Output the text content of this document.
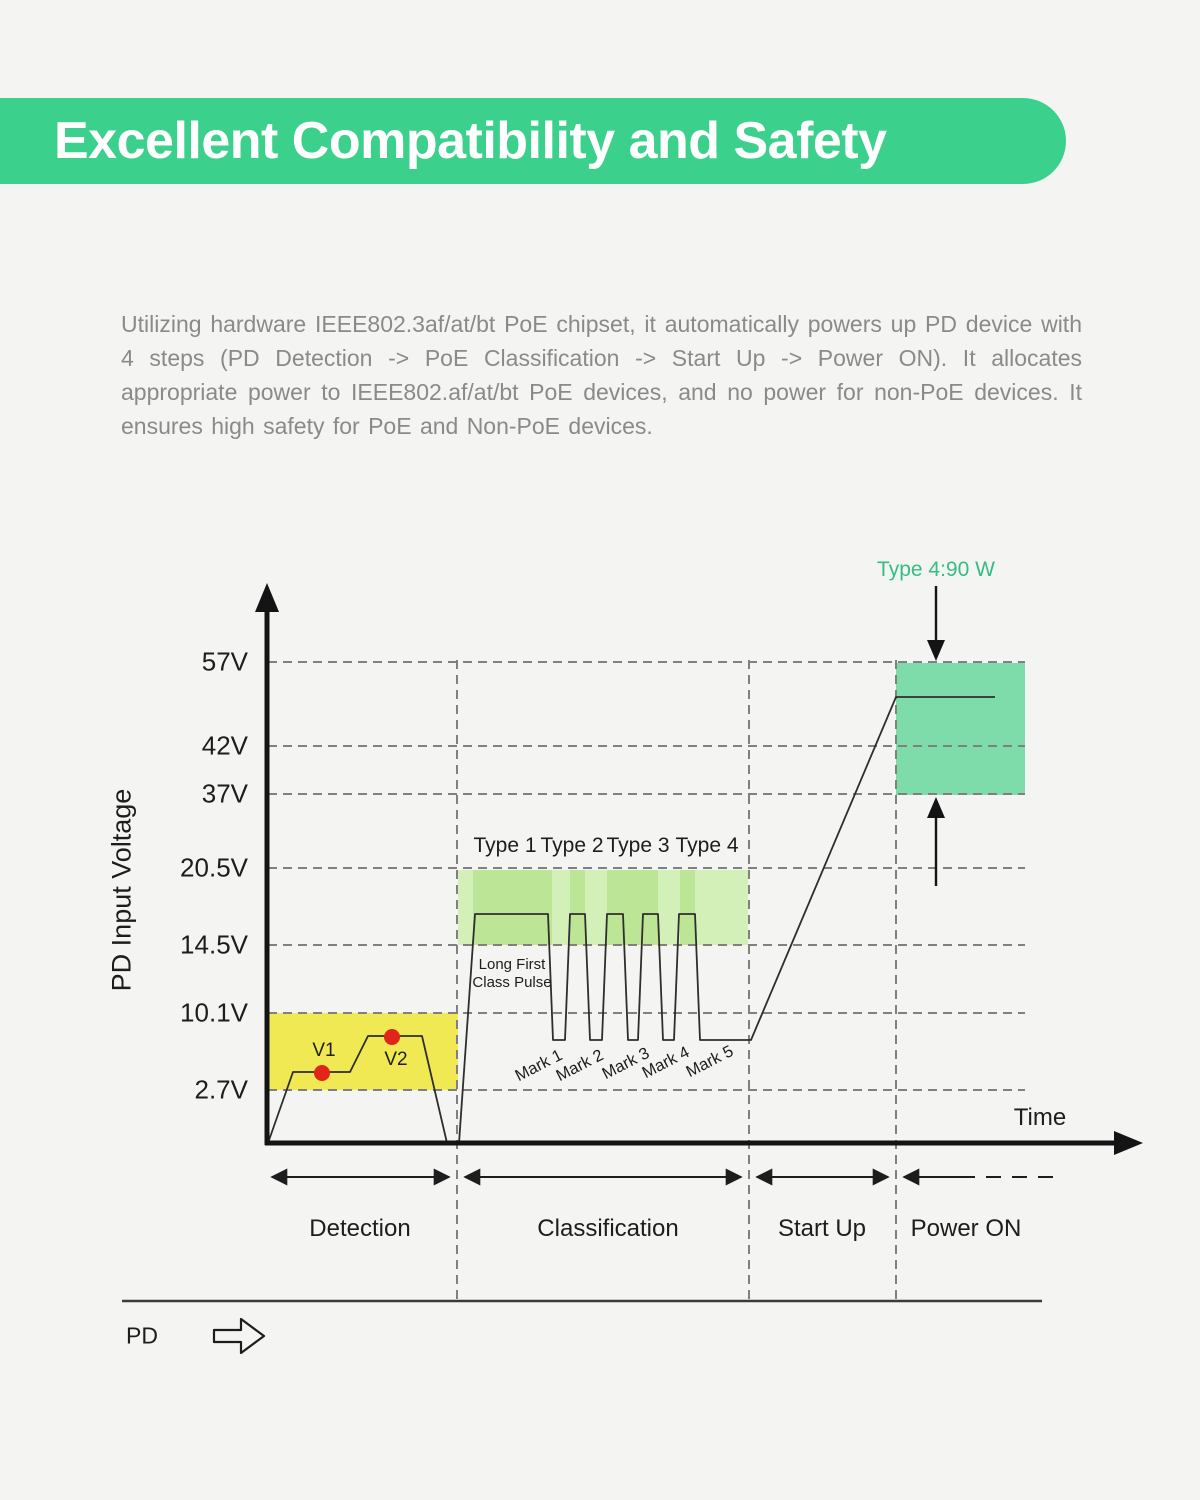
Excellent Compatibility and Safety
Utilizing hardware IEEE802.3af/at/bt PoE chipset, it automatically powers up PD device with 4 steps (PD Detection -> PoE Classification -> Start Up -> Power ON). It allocates appropriate power to IEEE802.af/at/bt PoE devices, and no power for non-PoE devices. It ensures high safety for PoE and Non-PoE devices.
PD Input Voltage
57V
42V
37V
20.5V
14.5V
10.1V
2.7V
Type 4:90 W
Type 1 Type 2 Type 3 Type 4
Long First
Class Pulse
V1	V2	Mark 1
Mark 2
Mark 3
Mark 4
Mark 5
Time
Detection	Classification	Start Up Power ON
PD
